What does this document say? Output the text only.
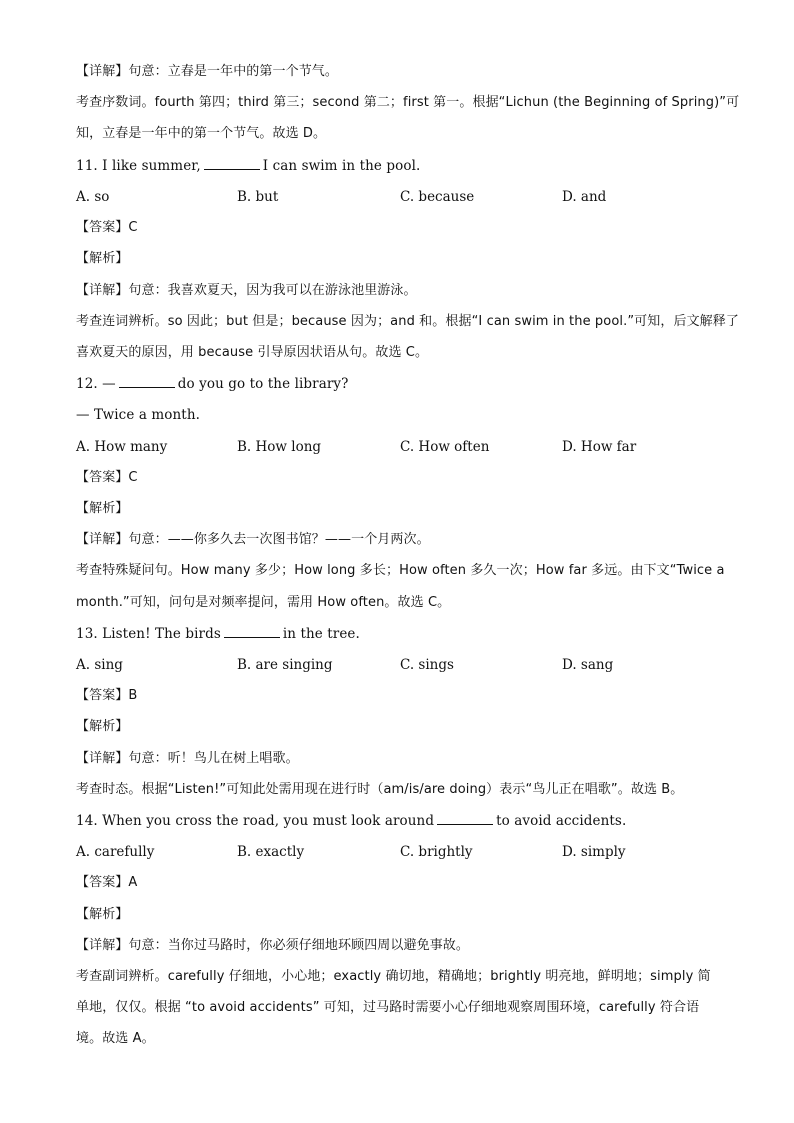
【详解】句意：立春是一年中的第一个节气。
考查序数词。fourth 第四；third 第三；second 第二；first 第一。根据“Lichun (the Beginning of Spring)”可
知，立春是一年中的第一个节气。故选 D。
11. I like summer,	I can swim in the pool.
A. so	B. but	C. because	D. and
【答案】C
【解析】
【详解】句意：我喜欢夏天，因为我可以在游泳池里游泳。
考查连词辨析。so 因此；but 但是；because 因为；and 和。根据“I can swim in the pool.”可知，后文解释了
喜欢夏天的原因，用 because 引导原因状语从句。故选 C。
12. —	do you go to the library?
— Twice a month.
A. How many	B. How long	C. How often	D. How far
【答案】C
【解析】
【详解】句意：——你多久去一次图书馆？——一个月两次。
考查特殊疑问句。How many 多少；How long 多长；How often 多久一次；How far 多远。由下文“Twice a
month.”可知，问句是对频率提问，需用 How often。故选 C。
13. Listen! The birds	in the tree.
A. sing	B. are singing	C. sings	D. sang
【答案】B
【解析】
【详解】句意：听！鸟儿在树上唱歌。
考查时态。根据“Listen!”可知此处需用现在进行时（am/is/are doing）表示“鸟儿正在唱歌”。故选 B。
14. When you cross the road, you must look around	to avoid accidents.
A. carefully	B. exactly	C. brightly	D. simply
【答案】A
【解析】
【详解】句意：当你过马路时，你必须仔细地环顾四周以避免事故。
考查副词辨析。carefully 仔细地，小心地；exactly 确切地，精确地；brightly 明亮地，鲜明地；simply 简
单地，仅仅。根据 “to avoid accidents” 可知，过马路时需要小心仔细地观察周围环境，carefully 符合语
境。故选 A。
